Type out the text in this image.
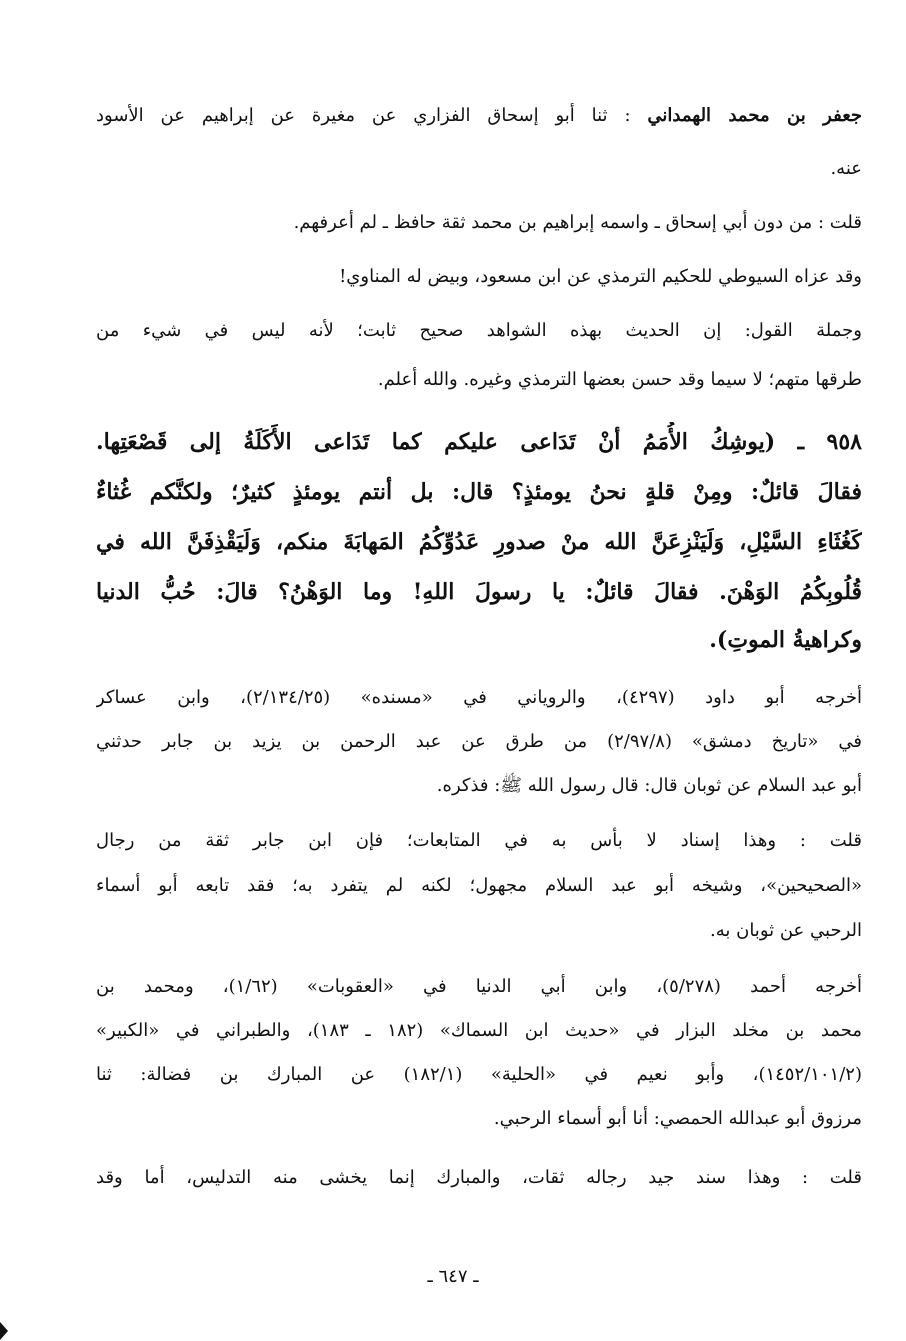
جعفر بن محمد الهمداني : ثنا أبو إسحاق الفزاري عن مغيرة عن إبراهيم عن الأسود
عنه.
قلت : من دون أبي إسحاق ـ واسمه إبراهيم بن محمد ثقة حافظ ـ لم أعرفهم.
وقد عزاه السيوطي للحكيم الترمذي عن ابن مسعود، وبيض له المناوي!
وجملة القول: إن الحديث بهذه الشواهد صحيح ثابت؛ لأنه ليس في شيء من
طرقها متهم؛ لا سيما وقد حسن بعضها الترمذي وغيره. والله أعلم.
٩٥٨ ـ (يوشِكُ الأُمَمُ أنْ تَدَاعى عليكم كما تَدَاعى الأَكَلَةُ إلى قَصْعَتِها.
فقالَ قائلٌ: ومِنْ قلةٍ نحنُ يومئذٍ؟ قال: بل أنتم يومئذٍ كثيرٌ؛ ولكنَّكم غُثاءٌ
كَغُثَاءِ السَّيْلِ، وَلَيَنْزِعَنَّ الله منْ صدورِ عَدُوِّكُمُ المَهابَةَ منكم، وَلَيَقْذِفَنَّ الله في
قُلُوبِكُمُ الوَهْنَ. فقالَ قائلٌ: يا رسولَ اللهِ! وما الوَهْنُ؟ قالَ: حُبُّ الدنيا
وكراهيةُ الموتِ).
أخرجه أبو داود (٤٢٩٧)، والروياني في «مسنده» (٢/١٣٤/٢٥)، وابن عساكر
في «تاريخ دمشق» (٢/٩٧/٨) من طرق عن عبد الرحمن بن يزيد بن جابر حدثني
أبو عبد السلام عن ثوبان قال: قال رسول الله ﷺ: فذكره.
قلت : وهذا إسناد لا بأس به في المتابعات؛ فإن ابن جابر ثقة من رجال
«الصحيحين»، وشيخه أبو عبد السلام مجهول؛ لكنه لم يتفرد به؛ فقد تابعه أبو أسماء
الرحبي عن ثوبان به.
أخرجه أحمد (٥/٢٧٨)، وابن أبي الدنيا في «العقوبات» (١/٦٢)، ومحمد بن
محمد بن مخلد البزار في «حديث ابن السماك» (١٨٢ ـ ١٨٣)، والطبراني في «الكبير»
(١٤٥٢/١٠١/٢)، وأبو نعيم في «الحلية» (١٨٢/١) عن المبارك بن فضالة: ثنا
مرزوق أبو عبدالله الحمصي: أنا أبو أسماء الرحبي.
قلت : وهذا سند جيد رجاله ثقات، والمبارك إنما يخشى منه التدليس، أما وقد
ـ ٦٤٧ ـ
